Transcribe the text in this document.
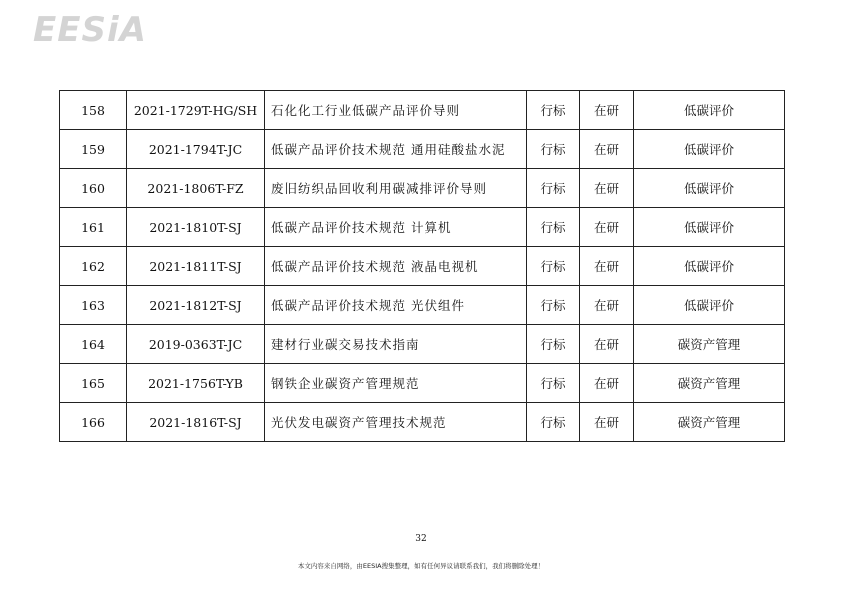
EESiA
158	2021-1729T-HG/SH	石化化工行业低碳产品评价导则	行标	在研	低碳评价
159	2021-1794T-JC	低碳产品评价技术规范 通用硅酸盐水泥	行标	在研	低碳评价
160	2021-1806T-FZ	废旧纺织品回收利用碳减排评价导则	行标	在研	低碳评价
161	2021-1810T-SJ	低碳产品评价技术规范 计算机	行标	在研	低碳评价
162	2021-1811T-SJ	低碳产品评价技术规范 液晶电视机	行标	在研	低碳评价
163	2021-1812T-SJ	低碳产品评价技术规范 光伏组件	行标	在研	低碳评价
164	2019-0363T-JC	建材行业碳交易技术指南	行标	在研	碳资产管理
165	2021-1756T-YB	钢铁企业碳资产管理规范	行标	在研	碳资产管理
166	2021-1816T-SJ	光伏发电碳资产管理技术规范	行标	在研	碳资产管理
32
本文内容来自网络，由EESIA搜集整理，如有任何异议请联系我们，我们将删除处理！
